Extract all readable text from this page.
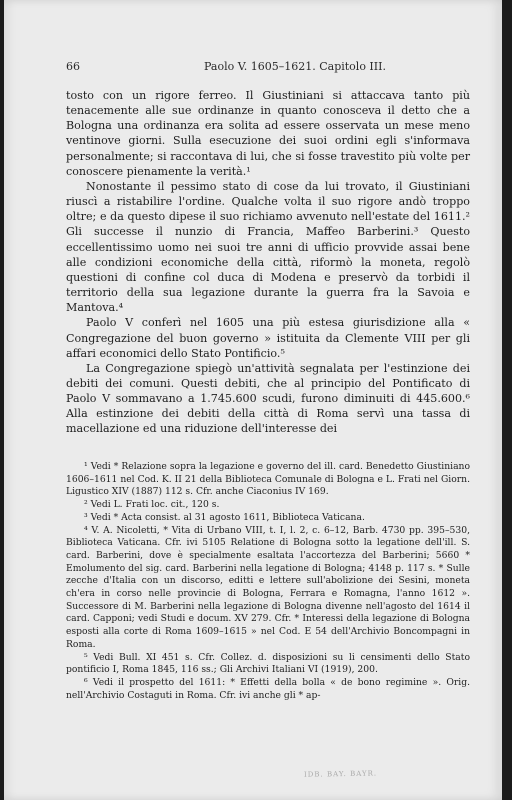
66	Paolo V. 1605–1621. Capitolo III.

tosto con un rigore ferreo. Il Giustiniani si attaccava tanto più tenacemente alle sue ordinanze in quanto conosceva il detto che a Bologna una ordinanza era solita ad essere osservata un mese meno ventinove giorni. Sulla esecuzione dei suoi ordini egli s'informava personalmente; si raccontava di lui, che si fosse travestito più volte per conoscere pienamente la verità.¹

Nonostante il pessimo stato di cose da lui trovato, il Giustiniani riuscì a ristabilire l'ordine. Qualche volta il suo rigore andò troppo oltre; e da questo dipese il suo richiamo avvenuto nell'estate del 1611.² Gli successe il nunzio di Francia, Maffeo Barberini.³ Questo eccellentissimo uomo nei suoi tre anni di ufficio provvide assai bene alle condizioni economiche della città, riformò la moneta, regolò questioni di confine col duca di Modena e preservò da torbidi il territorio della sua legazione durante la guerra fra la Savoia e Mantova.⁴

Paolo V conferì nel 1605 una più estesa giurisdizione alla « Congregazione del buon governo » istituita da Clemente VIII per gli affari economici dello Stato Pontificio.⁵

La Congregazione spiegò un'attività segnalata per l'estinzione dei debiti dei comuni. Questi debiti, che al principio del Pontificato di Paolo V sommavano a 1.745.600 scudi, furono diminuiti di 445.600.⁶ Alla estinzione dei debiti della città di Roma servì una tassa di macellazione ed una riduzione dell'interesse dei

¹ Vedi * Relazione sopra la legazione e governo del ill. card. Benedetto Giustiniano 1606–1611 nel Cod. K. II 21 della Biblioteca Comunale di Bologna e L. Frati nel Giorn. Ligustico XIV (1887) 112 s. Cfr. anche Ciaconius IV 169.

² Vedi L. Frati loc. cit., 120 s.

³ Vedi * Acta consist. al 31 agosto 1611, Biblioteca Vaticana.

⁴ V. A. Nicoletti, * Vita di Urbano VIII, t. I, l. 2, c. 6–12, Barb. 4730 pp. 395–530, Biblioteca Vaticana. Cfr. ivi 5105 Relatione di Bologna sotto la legatione dell'ill. S. card. Barberini, dove è specialmente esaltata l'accortezza del Barberini; 5660 * Emolumento del sig. card. Barberini nella legatione di Bologna; 4148 p. 117 s. * Sulle zecche d'Italia con un discorso, editti e lettere sull'abolizione dei Sesini, moneta ch'era in corso nelle provincie di Bologna, Ferrara e Romagna, l'anno 1612 ». Successore di M. Barberini nella legazione di Bologna divenne nell'agosto del 1614 il card. Capponi; vedi Studi e docum. XV 279. Cfr. * Interessi della legazione di Bologna esposti alla corte di Roma 1609–1615 » nel Cod. E 54 dell'Archivio Boncompagni in Roma.

⁵ Vedi Bull. XI 451 s. Cfr. Collez. d. disposizioni su li censimenti dello Stato pontificio I, Roma 1845, 116 ss.; Gli Archivi Italiani VI (1919), 200.

⁶ Vedi il prospetto del 1611: * Effetti della bolla « de bono regimine ». Orig. nell'Archivio Costaguti in Roma. Cfr. ivi anche gli * ap-

IDB. BAY. BAYR.
